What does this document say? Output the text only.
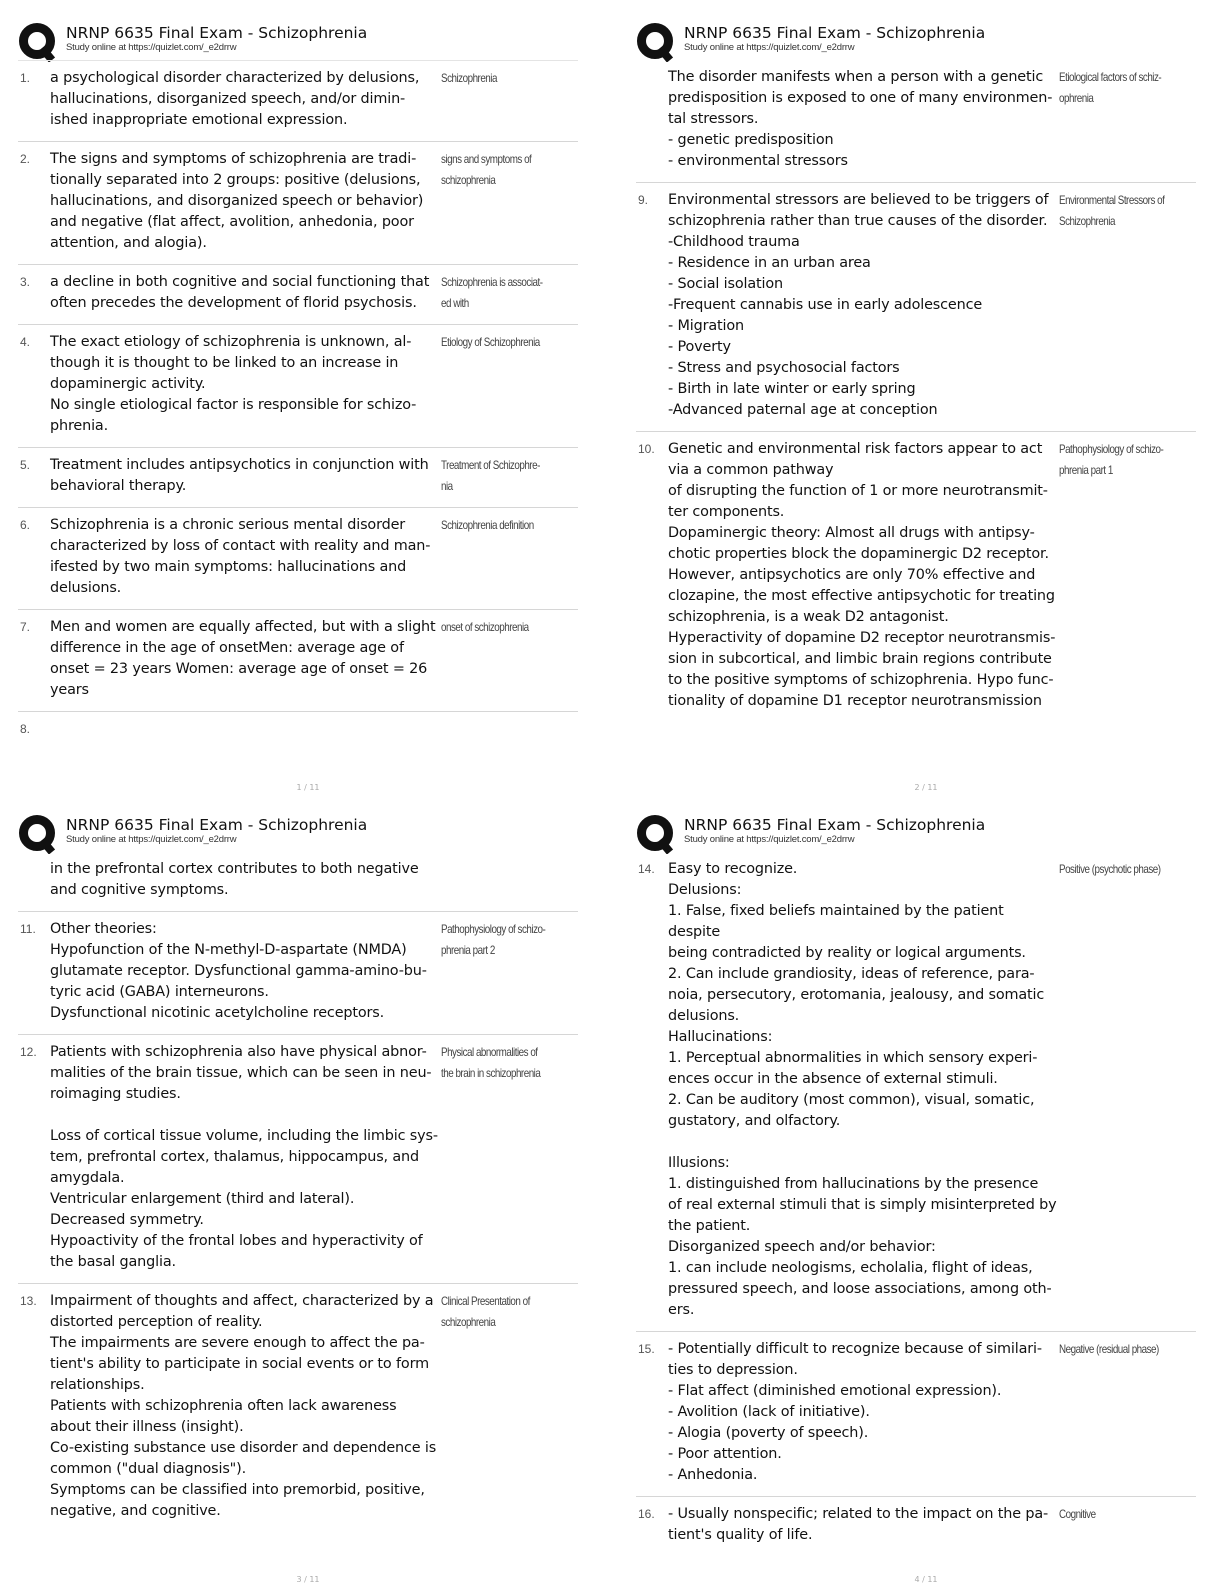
NRNP 6635 Final Exam - Schizophrenia
Study online at https://quizlet.com/_e2drrw
1. a psychological disorder characterized by delusions,
hallucinations, disorganized speech, and/or dimin-
ished inappropriate emotional expression.
Schizophrenia
2. The signs and symptoms of schizophrenia are tradi-
tionally separated into 2 groups: positive (delusions,
hallucinations, and disorganized speech or behavior)
and negative (flat affect, avolition, anhedonia, poor
attention, and alogia).
signs and symptoms of
schizophrenia
3. a decline in both cognitive and social functioning that
often precedes the development of florid psychosis.
Schizophrenia is associat-
ed with
4. The exact etiology of schizophrenia is unknown, al-
though it is thought to be linked to an increase in
dopaminergic activity.
No single etiological factor is responsible for schizo-
phrenia.
Etiology of Schizophrenia
5. Treatment includes antipsychotics in conjunction with
behavioral therapy.
Treatment of Schizophre-
nia
6. Schizophrenia is a chronic serious mental disorder
characterized by loss of contact with reality and man-
ifested by two main symptoms: hallucinations and
delusions.
Schizophrenia definition
7. Men and women are equally affected, but with a slight
difference in the age of onsetMen: average age of
onset = 23 years Women: average age of onset = 26
years
onset of schizophrenia
8.
1 / 11
NRNP 6635 Final Exam - Schizophrenia
Study online at https://quizlet.com/_e2drrw
The disorder manifests when a person with a genetic
predisposition is exposed to one of many environmen-
tal stressors.
- genetic predisposition
- environmental stressors
Etiological factors of schiz-
ophrenia
9. Environmental stressors are believed to be triggers of
schizophrenia rather than true causes of the disorder.
-Childhood trauma
- Residence in an urban area
- Social isolation
-Frequent cannabis use in early adolescence
- Migration
- Poverty
- Stress and psychosocial factors
- Birth in late winter or early spring
-Advanced paternal age at conception
Environmental Stressors of
Schizophrenia
10. Genetic and environmental risk factors appear to act
via a common pathway
of disrupting the function of 1 or more neurotransmit-
ter components.
Dopaminergic theory: Almost all drugs with antipsy-
chotic properties block the dopaminergic D2 receptor.
However, antipsychotics are only 70% effective and
clozapine, the most effective antipsychotic for treating
schizophrenia, is a weak D2 antagonist.
Hyperactivity of dopamine D2 receptor neurotransmis-
sion in subcortical, and limbic brain regions contribute
to the positive symptoms of schizophrenia. Hypo func-
tionality of dopamine D1 receptor neurotransmission
Pathophysiology of schizo-
phrenia part 1
2 / 11
NRNP 6635 Final Exam - Schizophrenia
Study online at https://quizlet.com/_e2drrw
in the prefrontal cortex contributes to both negative
and cognitive symptoms.
11. Other theories:
Hypofunction of the N-methyl-D-aspartate (NMDA)
glutamate receptor. Dysfunctional gamma-amino-bu-
tyric acid (GABA) interneurons.
Dysfunctional nicotinic acetylcholine receptors.
Pathophysiology of schizo-
phrenia part 2
12. Patients with schizophrenia also have physical abnor-
malities of the brain tissue, which can be seen in neu-
roimaging studies.

Loss of cortical tissue volume, including the limbic sys-
tem, prefrontal cortex, thalamus, hippocampus, and
amygdala.
Ventricular enlargement (third and lateral).
Decreased symmetry.
Hypoactivity of the frontal lobes and hyperactivity of
the basal ganglia.
Physical abnormalities of
the brain in schizophrenia
13. Impairment of thoughts and affect, characterized by a
distorted perception of reality.
The impairments are severe enough to affect the pa-
tient's ability to participate in social events or to form
relationships.
Patients with schizophrenia often lack awareness
about their illness (insight).
Co-existing substance use disorder and dependence is
common ("dual diagnosis").
Symptoms can be classified into premorbid, positive,
negative, and cognitive.
Clinical Presentation of
schizophrenia
3 / 11
NRNP 6635 Final Exam - Schizophrenia
Study online at https://quizlet.com/_e2drrw
14. Easy to recognize.
Delusions:
1. False, fixed beliefs maintained by the patient despite
being contradicted by reality or logical arguments.
2. Can include grandiosity, ideas of reference, para-
noia, persecutory, erotomania, jealousy, and somatic
delusions.
Hallucinations:
1. Perceptual abnormalities in which sensory experi-
ences occur in the absence of external stimuli.
2. Can be auditory (most common), visual, somatic,
gustatory, and olfactory.

Illusions:
1. distinguished from hallucinations by the presence
of real external stimuli that is simply misinterpreted by
the patient.
Disorganized speech and/or behavior:
1. can include neologisms, echolalia, flight of ideas,
pressured speech, and loose associations, among oth-
ers.
Positive (psychotic phase)
15. - Potentially difficult to recognize because of similari-
ties to depression.
- Flat affect (diminished emotional expression).
- Avolition (lack of initiative).
- Alogia (poverty of speech).
- Poor attention.
- Anhedonia.
Negative (residual phase)
16. - Usually nonspecific; related to the impact on the pa-
tient's quality of life.
Cognitive
4 / 11
